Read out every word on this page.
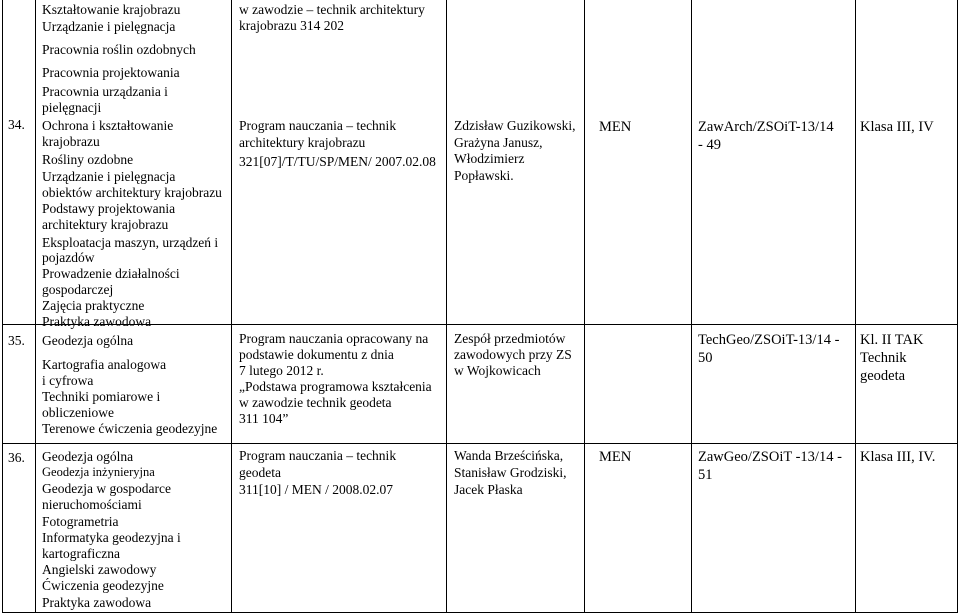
Kształtowanie krajobrazu
Urządzanie i pielęgnacja
Pracownia roślin ozdobnych
Pracownia projektowania
Pracownia urządzania i
pielęgnacji
w zawodzie – technik architektury
krajobrazu 314 202
34. Ochrona i kształtowanie
krajobrazu
Rośliny ozdobne
Urządzanie i pielęgnacja
obiektów architektury krajobrazu
Podstawy projektowania
architektury krajobrazu
Eksploatacja maszyn, urządzeń i
pojazdów
Prowadzenie działalności
gospodarczej
Zajęcia praktyczne
Praktyka zawodowa
Program nauczania – technik
architektury krajobrazu
321[07]/T/TU/SP/MEN/ 2007.02.08
Zdzisław Guzikowski,
Grażyna Janusz,
Włodzimierz
Popławski.
MEN	ZawArch/ZSOiT-13/14
- 49
Klasa III, IV
35. Geodezja ogólna
Kartografia analogowa
i cyfrowa
Techniki pomiarowe i
obliczeniowe
Terenowe ćwiczenia geodezyjne
Program nauczania opracowany na
podstawie dokumentu z dnia
7 lutego 2012 r.
„Podstawa programowa kształcenia
w zawodzie technik geodeta
311 104”
Zespół przedmiotów
zawodowych przy ZS
w Wojkowicach
TechGeo/ZSOiT-13/14 -
50
Kl. II TAK
Technik
geodeta
36. Geodezja ogólna
Geodezja inżynieryjna
Geodezja w gospodarce
nieruchomościami
Fotogrametria
Informatyka geodezyjna i
kartograficzna
Angielski zawodowy
Ćwiczenia geodezyjne
Praktyka zawodowa
Program nauczania – technik
geodeta
311[10] / MEN / 2008.02.07
Wanda Brześcińska,
Stanisław Grodziski,
Jacek Płaska
MEN	ZawGeo/ZSOiT -13/14 -
51
Klasa III, IV.
